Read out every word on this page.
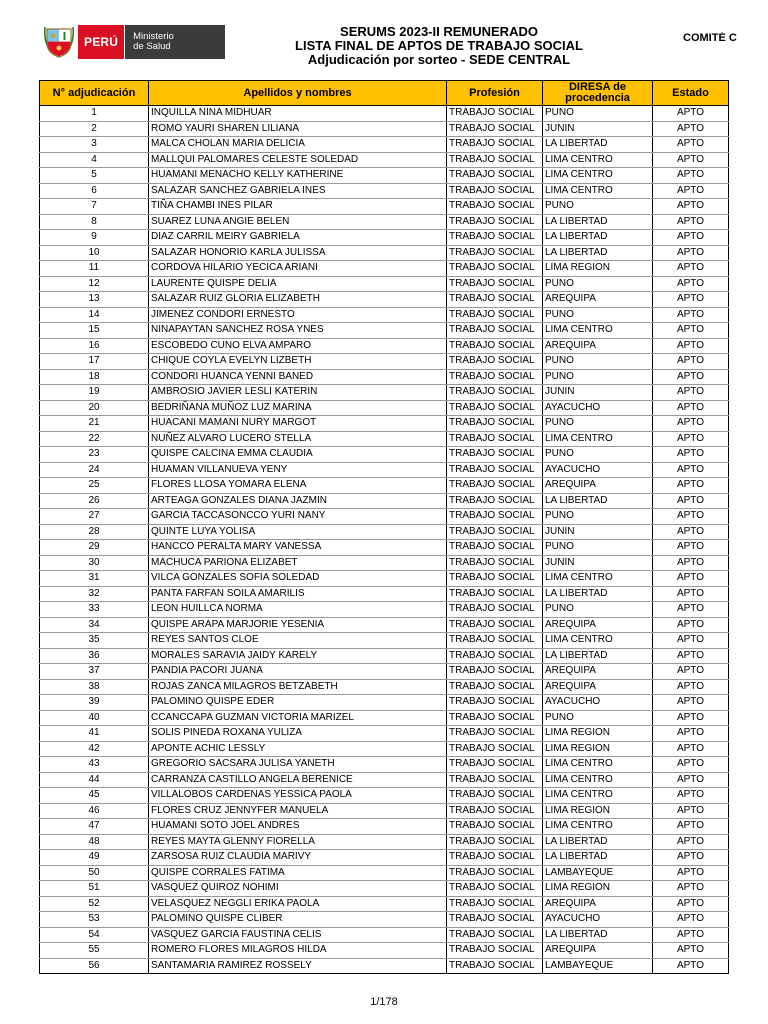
PERÚ	Ministerio
de Salud
SERUMS 2023-II REMUNERADO
LISTA FINAL DE APTOS DE TRABAJO SOCIAL
Adjudicación por sorteo - SEDE CENTRAL
COMITÉ C
N° adjudicación	Apellidos y nombres	Profesión	DIRESA de procedencia	Estado
1	INQUILLA NINA MIDHUAR	TRABAJO SOCIAL	PUNO	APTO
2	ROMO YAURI SHAREN LILIANA	TRABAJO SOCIAL	JUNIN	APTO
3	MALCA CHOLAN MARIA DELICIA	TRABAJO SOCIAL	LA LIBERTAD	APTO
4	MALLQUI PALOMARES CELESTE SOLEDAD	TRABAJO SOCIAL	LIMA CENTRO	APTO
5	HUAMANI MENACHO KELLY KATHERINE	TRABAJO SOCIAL	LIMA CENTRO	APTO
6	SALAZAR SANCHEZ GABRIELA INES	TRABAJO SOCIAL	LIMA CENTRO	APTO
7	TIÑA CHAMBI INES PILAR	TRABAJO SOCIAL	PUNO	APTO
8	SUAREZ LUNA ANGIE BELEN	TRABAJO SOCIAL	LA LIBERTAD	APTO
9	DIAZ CARRIL MEIRY GABRIELA	TRABAJO SOCIAL	LA LIBERTAD	APTO
10	SALAZAR HONORIO KARLA JULISSA	TRABAJO SOCIAL	LA LIBERTAD	APTO
11	CORDOVA HILARIO YECICA ARIANI	TRABAJO SOCIAL	LIMA REGION	APTO
12	LAURENTE QUISPE DELIA	TRABAJO SOCIAL	PUNO	APTO
13	SALAZAR RUIZ GLORIA ELIZABETH	TRABAJO SOCIAL	AREQUIPA	APTO
14	JIMENEZ CONDORI ERNESTO	TRABAJO SOCIAL	PUNO	APTO
15	NINAPAYTAN SANCHEZ ROSA YNES	TRABAJO SOCIAL	LIMA CENTRO	APTO
16	ESCOBEDO CUNO ELVA AMPARO	TRABAJO SOCIAL	AREQUIPA	APTO
17	CHIQUE COYLA EVELYN LIZBETH	TRABAJO SOCIAL	PUNO	APTO
18	CONDORI HUANCA YENNI BANED	TRABAJO SOCIAL	PUNO	APTO
19	AMBROSIO JAVIER LESLI KATERIN	TRABAJO SOCIAL	JUNIN	APTO
20	BEDRIÑANA MUÑOZ LUZ MARINA	TRABAJO SOCIAL	AYACUCHO	APTO
21	HUACANI MAMANI NURY MARGOT	TRABAJO SOCIAL	PUNO	APTO
22	NUÑEZ ALVARO LUCERO STELLA	TRABAJO SOCIAL	LIMA CENTRO	APTO
23	QUISPE CALCINA EMMA CLAUDIA	TRABAJO SOCIAL	PUNO	APTO
24	HUAMAN VILLANUEVA YENY	TRABAJO SOCIAL	AYACUCHO	APTO
25	FLORES LLOSA YOMARA ELENA	TRABAJO SOCIAL	AREQUIPA	APTO
26	ARTEAGA GONZALES DIANA JAZMIN	TRABAJO SOCIAL	LA LIBERTAD	APTO
27	GARCIA TACCASONCCO YURI NANY	TRABAJO SOCIAL	PUNO	APTO
28	QUINTE LUYA YOLISA	TRABAJO SOCIAL	JUNIN	APTO
29	HANCCO PERALTA MARY VANESSA	TRABAJO SOCIAL	PUNO	APTO
30	MACHUCA PARIONA ELIZABET	TRABAJO SOCIAL	JUNIN	APTO
31	VILCA GONZALES SOFIA SOLEDAD	TRABAJO SOCIAL	LIMA CENTRO	APTO
32	PANTA FARFAN SOILA AMARILIS	TRABAJO SOCIAL	LA LIBERTAD	APTO
33	LEON HUILLCA NORMA	TRABAJO SOCIAL	PUNO	APTO
34	QUISPE ARAPA MARJORIE YESENIA	TRABAJO SOCIAL	AREQUIPA	APTO
35	REYES SANTOS CLOE	TRABAJO SOCIAL	LIMA CENTRO	APTO
36	MORALES SARAVIA JAIDY KARELY	TRABAJO SOCIAL	LA LIBERTAD	APTO
37	PANDIA PACORI JUANA	TRABAJO SOCIAL	AREQUIPA	APTO
38	ROJAS ZANCA MILAGROS BETZABETH	TRABAJO SOCIAL	AREQUIPA	APTO
39	PALOMINO QUISPE EDER	TRABAJO SOCIAL	AYACUCHO	APTO
40	CCANCCAPA GUZMAN VICTORIA MARIZEL	TRABAJO SOCIAL	PUNO	APTO
41	SOLIS PINEDA ROXANA YULIZA	TRABAJO SOCIAL	LIMA REGION	APTO
42	APONTE ACHIC LESSLY	TRABAJO SOCIAL	LIMA REGION	APTO
43	GREGORIO SACSARA JULISA YANETH	TRABAJO SOCIAL	LIMA CENTRO	APTO
44	CARRANZA CASTILLO ANGELA BERENICE	TRABAJO SOCIAL	LIMA CENTRO	APTO
45	VILLALOBOS CARDENAS YESSICA PAOLA	TRABAJO SOCIAL	LIMA CENTRO	APTO
46	FLORES CRUZ JENNYFER MANUELA	TRABAJO SOCIAL	LIMA REGION	APTO
47	HUAMANI SOTO JOEL ANDRES	TRABAJO SOCIAL	LIMA CENTRO	APTO
48	REYES MAYTA GLENNY FIORELLA	TRABAJO SOCIAL	LA LIBERTAD	APTO
49	ZARSOSA RUIZ CLAUDIA MARIVY	TRABAJO SOCIAL	LA LIBERTAD	APTO
50	QUISPE CORRALES FATIMA	TRABAJO SOCIAL	LAMBAYEQUE	APTO
51	VASQUEZ QUIROZ NOHIMI	TRABAJO SOCIAL	LIMA REGION	APTO
52	VELASQUEZ NEGGLI ERIKA PAOLA	TRABAJO SOCIAL	AREQUIPA	APTO
53	PALOMINO QUISPE CLIBER	TRABAJO SOCIAL	AYACUCHO	APTO
54	VASQUEZ GARCIA FAUSTINA CELIS	TRABAJO SOCIAL	LA LIBERTAD	APTO
55	ROMERO FLORES MILAGROS HILDA	TRABAJO SOCIAL	AREQUIPA	APTO
56	SANTAMARIA RAMIREZ ROSSELY	TRABAJO SOCIAL	LAMBAYEQUE	APTO
1/178
